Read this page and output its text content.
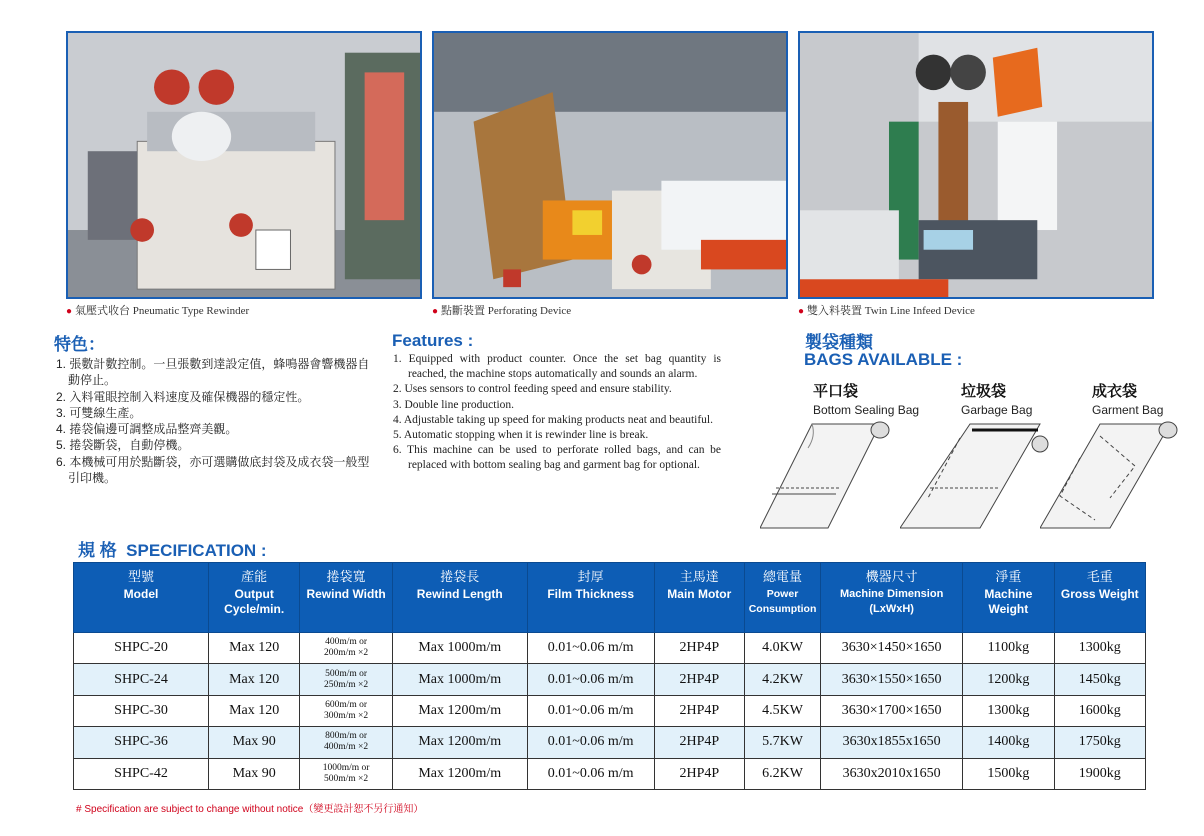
● 氣壓式收台 Pneumatic Type Rewinder	● 點斷裝置 Perforating Device	● 雙入料裝置 Twin Line Infeed Device
特色：
1. 張數計數控制。一旦張數到達設定值，蜂鳴器會響機器自動停止。
2. 入料電眼控制入料速度及確保機器的穩定性。
3. 可雙線生產。
4. 捲袋偏邊可調整成品整齊美觀。
5. 捲袋斷袋，自動停機。
6. 本機械可用於點斷袋，亦可選購做底封袋及成衣袋一般型引印機。
Features :
1. Equipped with product counter. Once the set bag quantity is reached, the machine stops automatically and sounds an alarm.
2. Uses sensors to control feeding speed and ensure stability.
3. Double line production.
4. Adjustable taking up speed for making products neat and beautiful.
5. Automatic stopping when it is rewinder line is break.
6. This machine can be used to perforate rolled bags, and can be replaced with bottom sealing bag and garment bag for optional.
製袋種類
BAGS AVAILABLE :
平口袋
Bottom Sealing Bag
垃圾袋
Garbage Bag
成衣袋
Garment Bag
規 格  SPECIFICATION :
型號
Model	產能
Output Cycle/min.	捲袋寬
Rewind Width	捲袋長
Rewind Length	封厚
Film Thickness	主馬達
Main Motor	總電量
Power Consumption	機器尺寸
Machine Dimension (LxWxH)	淨重
Machine Weight	毛重
Gross Weight

SHPC-20	Max 120	400m/m or
200m/m ×2	Max 1000m/m	0.01~0.06 m/m	2HP4P	4.0KW	3630×1450×1650	1100kg	1300kg
SHPC-24	Max 120	500m/m or
250m/m ×2	Max 1000m/m	0.01~0.06 m/m	2HP4P	4.2KW	3630×1550×1650	1200kg	1450kg
SHPC-30	Max 120	600m/m or
300m/m ×2	Max 1200m/m	0.01~0.06 m/m	2HP4P	4.5KW	3630×1700×1650	1300kg	1600kg
SHPC-36	Max 90	800m/m or
400m/m ×2	Max 1200m/m	0.01~0.06 m/m	2HP4P	5.7KW	3630x1855x1650	1400kg	1750kg
SHPC-42	Max 90	1000m/m or
500m/m ×2	Max 1200m/m	0.01~0.06 m/m	2HP4P	6.2KW	3630x2010x1650	1500kg	1900kg
# Specification are subject to change without notice（變更設計恕不另行通知）
